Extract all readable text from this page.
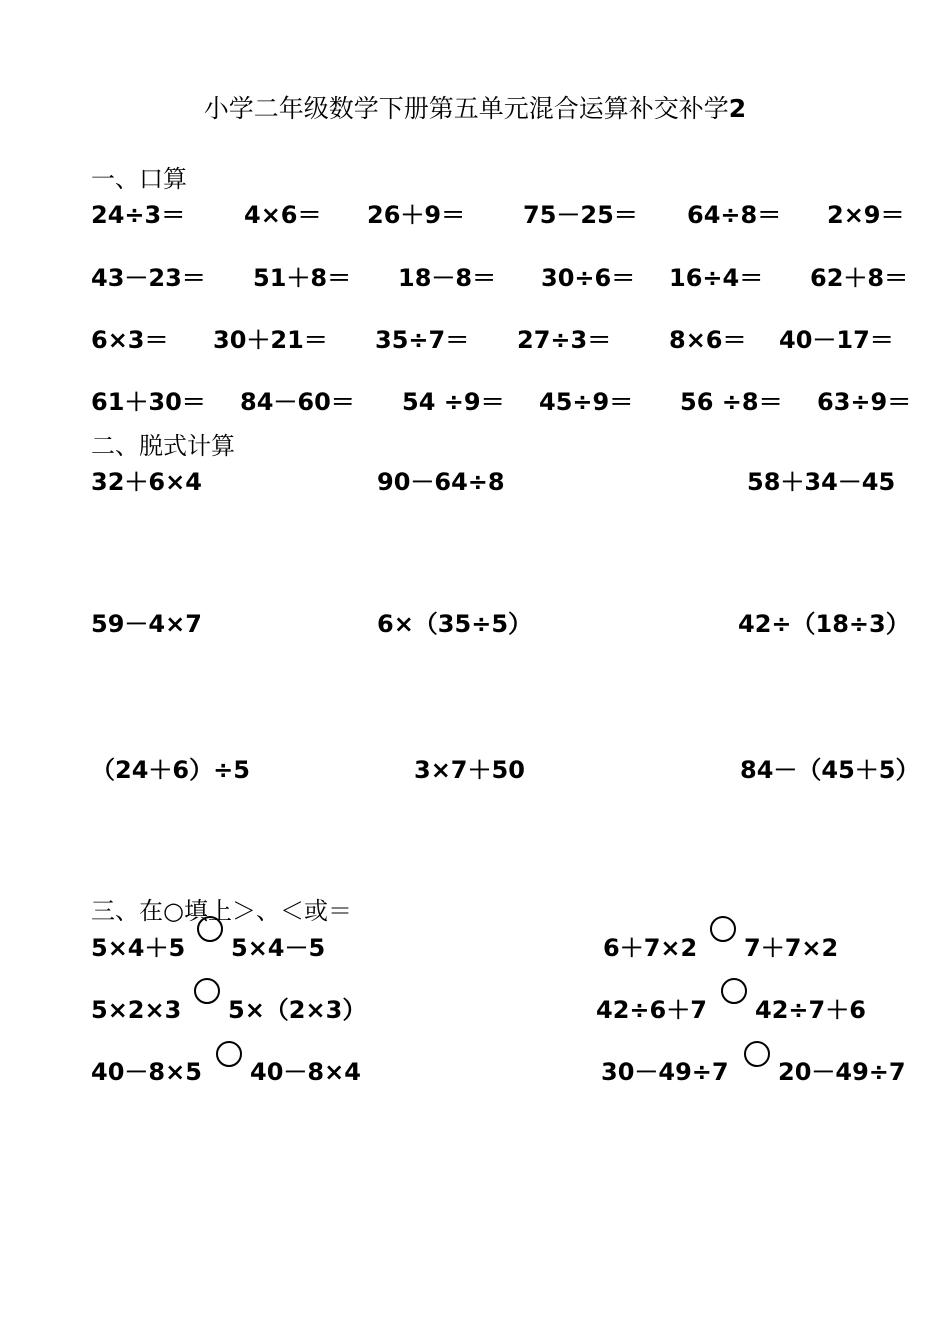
小学二年级数学下册第五单元混合运算补交补学2
一、口算
24÷3＝ 4×6＝ 26＋9＝ 75－25＝ 64÷8＝ 2×9＝
43－23＝ 51＋8＝ 18－8＝ 30÷6＝ 16÷4＝ 62＋8＝
6×3＝ 30＋21＝ 35÷7＝ 27÷3＝ 8×6＝ 40－17＝
61＋30＝ 84－60＝ 54 ÷9＝ 45÷9＝ 56 ÷8＝ 63÷9＝
二、脱式计算
32＋6×4	90－64÷8	58＋34－45
59－4×7	6×（35÷5）	42÷（18÷3）
（24＋6）÷5	3×7＋50	84－（45＋5）
三、在○填上＞、＜或＝
5×4＋5 5×4－5	6＋7×2 7＋7×2
5×2×3 5×（2×3）	42÷6＋7 42÷7＋6
40－8×5 40－8×4	30－49÷7 20－49÷7
